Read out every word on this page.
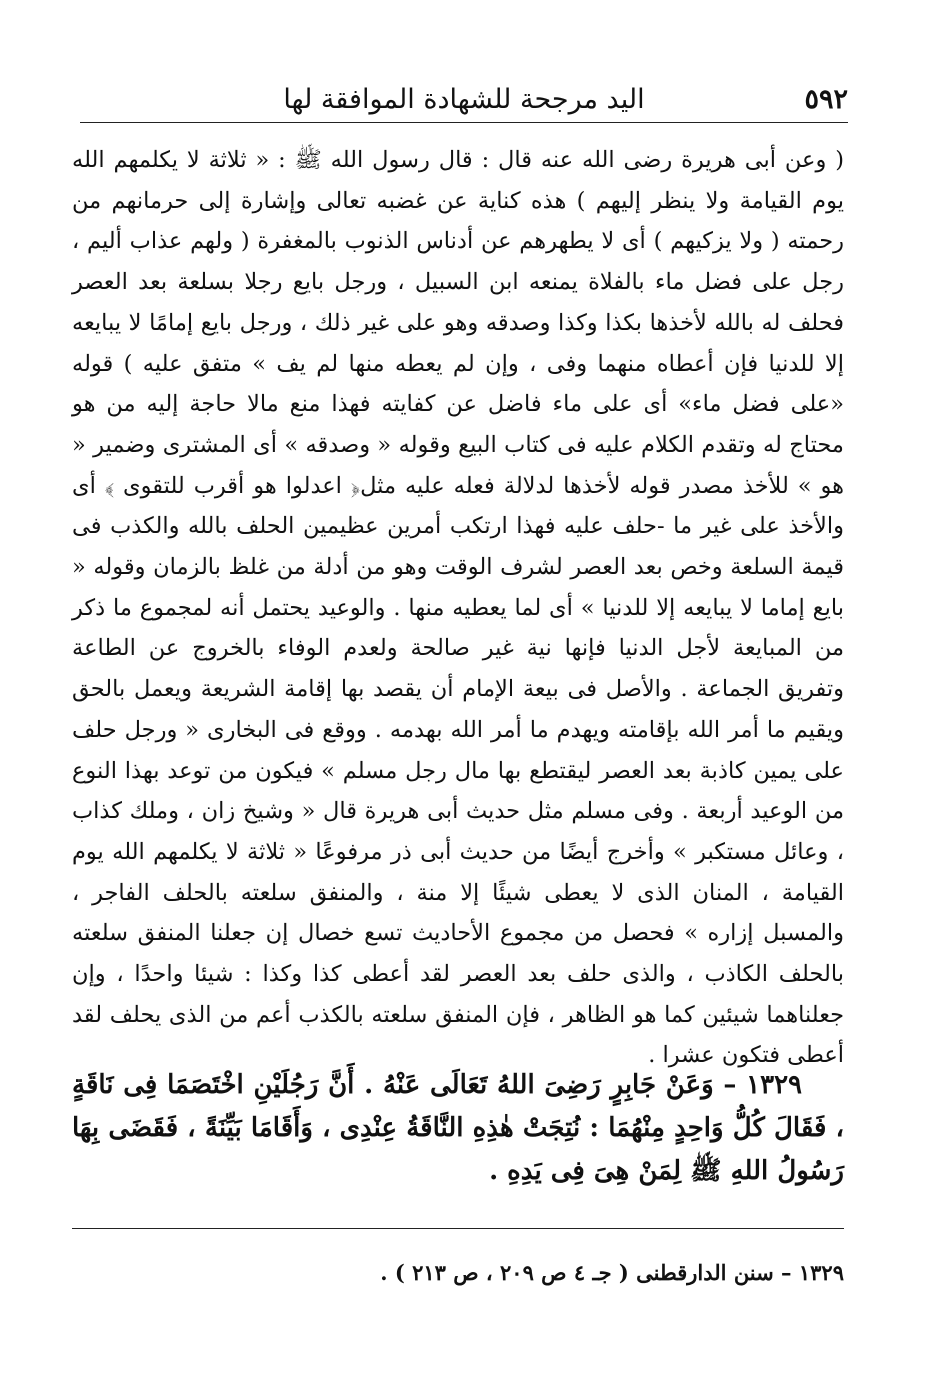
٥٩٢
اليد مرجحة للشهادة الموافقة لها

( وعن أبى هريرة رضى الله عنه قال : قال رسول الله ﷺ : « ثلاثة لا يكلمهم الله يوم القيامة ولا ينظر إليهم ) هذه كناية عن غضبه تعالى وإشارة إلى حرمانهم من رحمته ( ولا يزكيهم ) أى لا يطهرهم عن أدناس الذنوب بالمغفرة ( ولهم عذاب أليم ، رجل على فضل ماء بالفلاة يمنعه ابن السبيل ، ورجل بايع رجلا بسلعة بعد العصر فحلف له بالله لأخذها بكذا وكذا وصدقه وهو على غير ذلك ، ورجل بايع إمامًا لا يبايعه إلا للدنيا فإن أعطاه منهما وفى ، وإن لم يعطه منها لم يف » متفق عليه ) قوله «على فضل ماء» أى على ماء فاضل عن كفايته فهذا منع مالا حاجة إليه من هو محتاج له وتقدم الكلام عليه فى كتاب البيع وقوله « وصدقه » أى المشترى وضمير « هو » للأخذ مصدر قوله لأخذها لدلالة فعله عليه مثل﴿ اعدلوا هو أقرب للتقوى ﴾ أى والأخذ على غير ما -حلف عليه فهذا ارتكب أمرين عظيمين الحلف بالله والكذب فى قيمة السلعة وخص بعد العصر لشرف الوقت وهو من أدلة من غلظ بالزمان وقوله « بايع إماما لا يبايعه إلا للدنيا » أى لما يعطيه منها . والوعيد يحتمل أنه لمجموع ما ذكر من المبايعة لأجل الدنيا فإنها نية غير صالحة ولعدم الوفاء بالخروج عن الطاعة وتفريق الجماعة . والأصل فى بيعة الإمام أن يقصد بها إقامة الشريعة ويعمل بالحق ويقيم ما أمر الله بإقامته ويهدم ما أمر الله بهدمه . ووقع فى البخارى « ورجل حلف على يمين كاذبة بعد العصر ليقتطع بها مال رجل مسلم » فيكون من توعد بهذا النوع من الوعيد أربعة . وفى مسلم مثل حديث أبى هريرة قال « وشيخ زان ، وملك كذاب ، وعائل مستكبر » وأخرج أيضًا من حديث أبى ذر مرفوعًا « ثلاثة لا يكلمهم الله يوم القيامة ، المنان الذى لا يعطى شيئًا إلا منة ، والمنفق سلعته بالحلف الفاجر ، والمسبل إزاره » فحصل من مجموع الأحاديث تسع خصال إن جعلنا المنفق سلعته بالحلف الكاذب ، والذى حلف بعد العصر لقد أعطى كذا وكذا : شيئا واحدًا ، وإن جعلناهما شيئين كما هو الظاهر ، فإن المنفق سلعته بالكذب أعم من الذى يحلف لقد أعطى فتكون عشرا .

١٣٢٩ – وَعَنْ جَابِرٍ رَضِىَ اللهُ تَعَالَى عَنْهُ . أَنَّ رَجُلَيْنِ اخْتَصَمَا فِى نَاقَةٍ ، فَقَالَ كُلُّ وَاحِدٍ مِنْهُمَا : نُتِجَتْ هٰذِهِ النَّاقَةُ عِنْدِى ، وَأَقَامَا بَيِّنَةً ، فَقَضَى بِهَا رَسُولُ اللهِ ﷺ لِمَنْ هِىَ فِى يَدِهِ .

١٣٢٩ – سنن الدارقطنى ( جـ ٤ ص ٢٠٩ ، ص ٢١٣ ) .
